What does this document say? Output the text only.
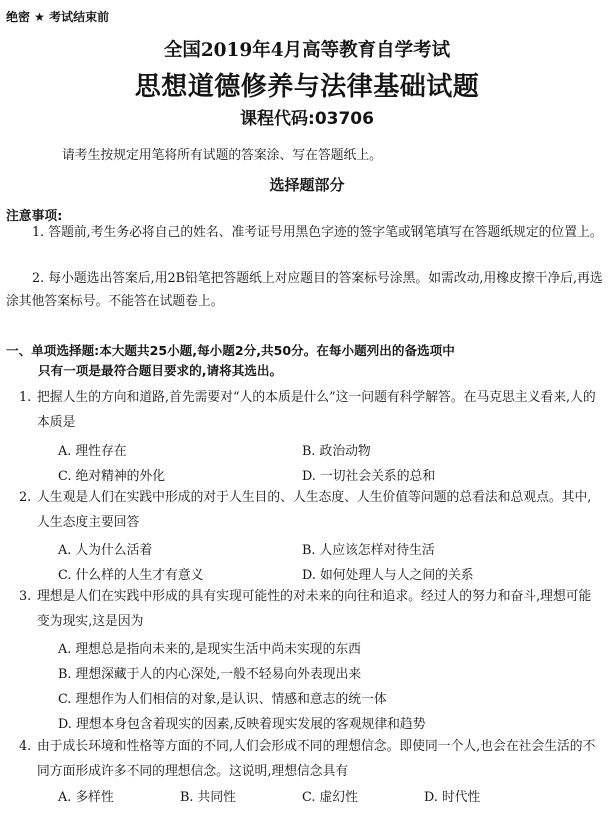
绝密 ★ 考试结束前
全国2019年4月高等教育自学考试
思想道德修养与法律基础试题
课程代码:03706
请考生按规定用笔将所有试题的答案涂、写在答题纸上。
选择题部分
注意事项:
1. 答题前,考生务必将自己的姓名、准考证号用黑色字迹的签字笔或钢笔填写在答题纸规定的位置上。
2. 每小题选出答案后,用2B铅笔把答题纸上对应题目的答案标号涂黑。如需改动,用橡皮擦干净后,再选涂其他答案标号。不能答在试题卷上。
一、单项选择题:本大题共25小题,每小题2分,共50分。在每小题列出的备选项中
只有一项是最符合题目要求的,请将其选出。
1. 把握人生的方向和道路,首先需要对“人的本质是什么”这一问题有科学解答。在马克思主义看来,人的本质是
A. 理性存在	B. 政治动物
C. 绝对精神的外化	D. 一切社会关系的总和
2. 人生观是人们在实践中形成的对于人生目的、人生态度、人生价值等问题的总看法和总观点。其中,人生态度主要回答
A. 人为什么活着	B. 人应该怎样对待生活
C. 什么样的人生才有意义	D. 如何处理人与人之间的关系
3. 理想是人们在实践中形成的具有实现可能性的对未来的向往和追求。经过人的努力和奋斗,理想可能变为现实,这是因为
A. 理想总是指向未来的,是现实生活中尚未实现的东西
B. 理想深藏于人的内心深处,一般不轻易向外表现出来
C. 理想作为人们相信的对象,是认识、情感和意志的统一体
D. 理想本身包含着现实的因素,反映着现实发展的客观规律和趋势
4. 由于成长环境和性格等方面的不同,人们会形成不同的理想信念。即使同一个人,也会在社会生活的不同方面形成许多不同的理想信念。这说明,理想信念具有
A. 多样性	B. 共同性	C. 虚幻性	D. 时代性
